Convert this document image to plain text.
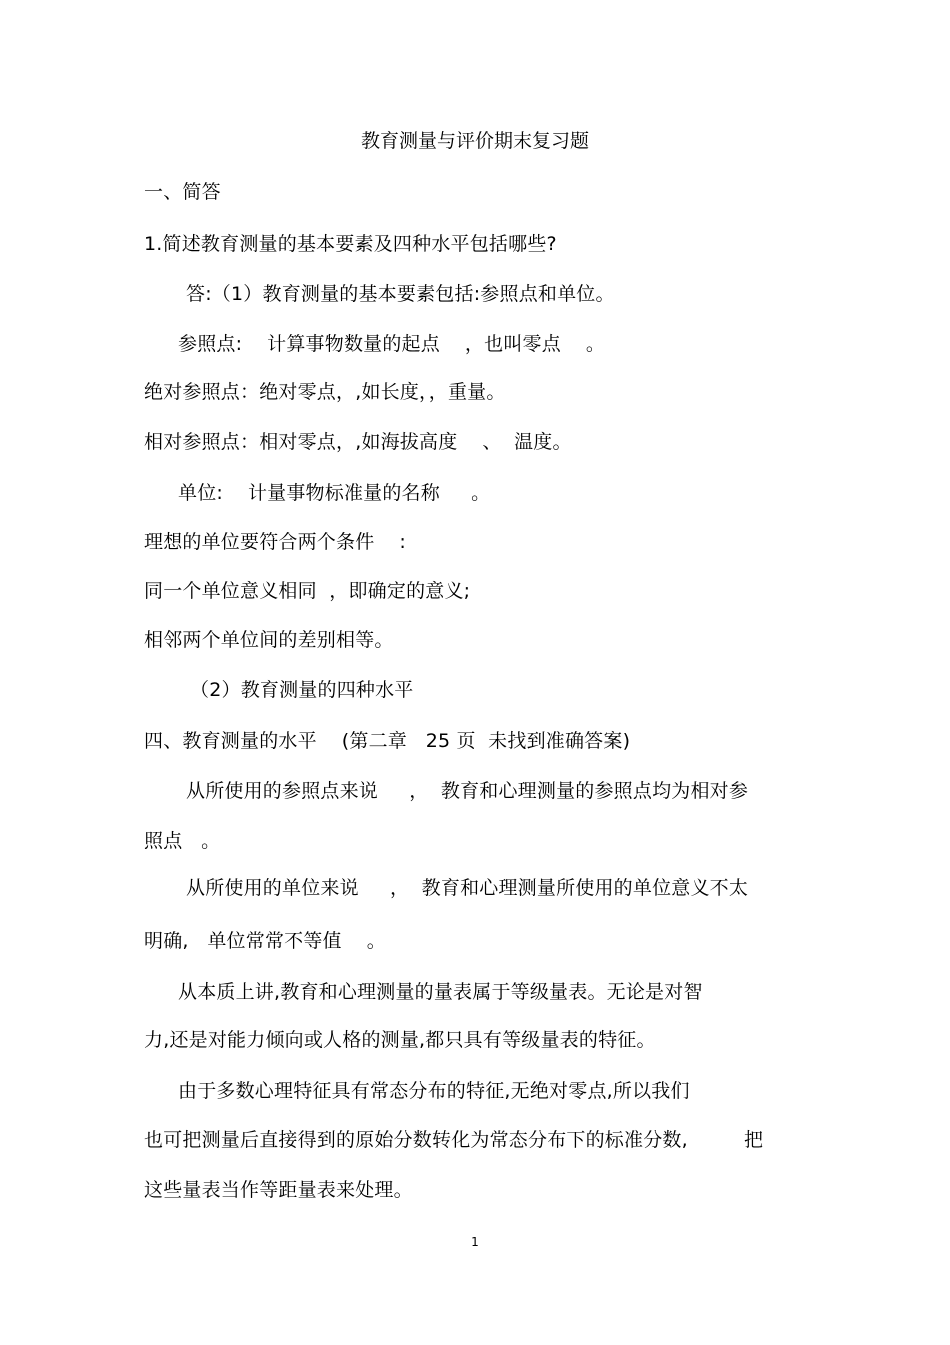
教育测量与评价期末复习题
一、简答
1.简述教育测量的基本要素及四种水平包括哪些?
答:（1）教育测量的基本要素包括:参照点和单位。
参照点:    计算事物数量的起点    ，也叫零点    。
绝对参照点：绝对零点，,如长度，，重量。
相对参照点：相对零点，,如海拔高度    、  温度。
单位:    计量事物标准量的名称     。
理想的单位要符合两个条件    :
同一个单位意义相同  ，即确定的意义;
相邻两个单位间的差别相等。
（2）教育测量的四种水平
四、教育测量的水平    (第二章   25 页  未找到准确答案)
从所使用的参照点来说     ，  教育和心理测量的参照点均为相对参
照点   。
从所使用的单位来说     ，  教育和心理测量所使用的单位意义不太
明确,   单位常常不等值    。
从本质上讲,教育和心理测量的量表属于等级量表。无论是对智
力,还是对能力倾向或人格的测量,都只具有等级量表的特征。
由于多数心理特征具有常态分布的特征,无绝对零点,所以我们
也可把测量后直接得到的原始分数转化为常态分布下的标准分数,         把
这些量表当作等距量表来处理。
1
